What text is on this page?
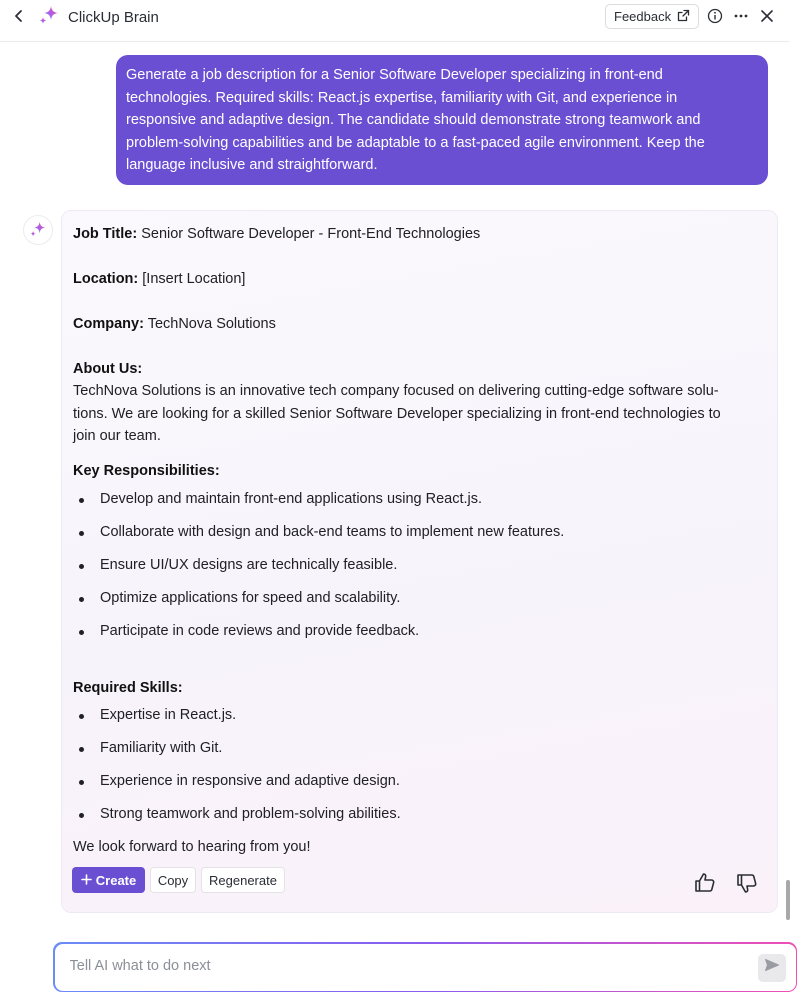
ClickUp Brain	Feedback
Generate a job description for a Senior Software Developer specializing in front-end
technologies. Required skills: React.js expertise, familiarity with Git, and experience in
responsive and adaptive design. The candidate should demonstrate strong teamwork and
problem-solving capabilities and be adaptable to a fast-paced agile environment. Keep the
language inclusive and straightforward.
Job Title: Senior Software Developer - Front-End Technologies
Location: [Insert Location]
Company: TechNova Solutions
About Us:
TechNova Solutions is an innovative tech company focused on delivering cutting-edge software solu-
tions. We are looking for a skilled Senior Software Developer specializing in front-end technologies to
join our team.
Key Responsibilities:
Develop and maintain front-end applications using React.js.
Collaborate with design and back-end teams to implement new features.
Ensure UI/UX designs are technically feasible.
Optimize applications for speed and scalability.
Participate in code reviews and provide feedback.
Required Skills:
Expertise in React.js.
Familiarity with Git.
Experience in responsive and adaptive design.
Strong teamwork and problem-solving abilities.
We look forward to hearing from you!
Create	Copy	Regenerate
Tell AI what to do next
